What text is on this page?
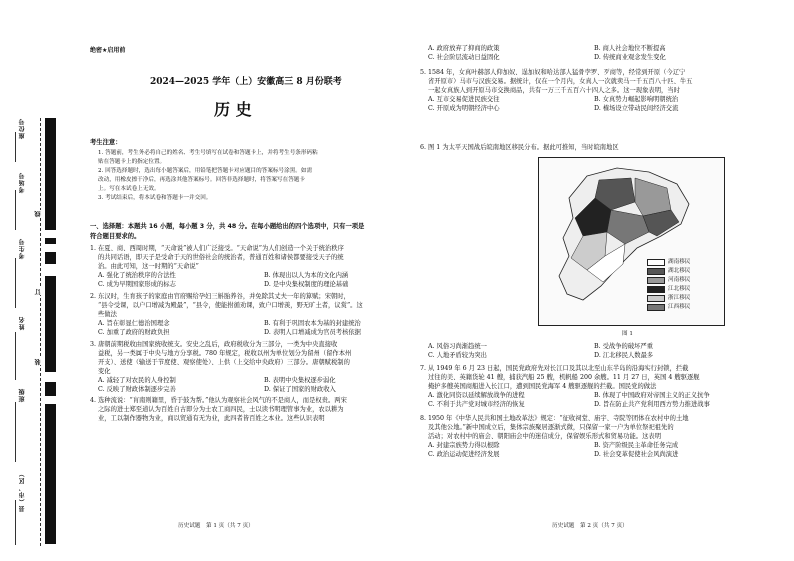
座位号
考场号
考生号
姓名
班级
县（市、区）
线
订
装
绝密★启用前
2024—2025 学年（上）安徽高三 8 月份联考
历 史
考生注意：
1. 答题前，考生务必将自己的姓名、考生号填写在试卷和答题卡上，并将考生号条形码粘
贴在答题卡上的指定位置。
2. 回答选择题时，选出每小题答案后，用铅笔把答题卡对应题目的答案标号涂黑。如需
改动，用橡皮擦干净后，再选涂其他答案标号。回答非选择题时，将答案写在答题卡
上。写在本试卷上无效。
3. 考试结束后，将本试卷和答题卡一并交回。
一、选择题：本题共 16 小题，每小题 3 分，共 48 分。在每小题给出的四个选项中，只有一项是
符合题目要求的。
1. 在夏、商、西周时期，“天命说”被人们广泛接受。“天命说”为人们创造一个关于统治秩序
的共同话语，即天子是受命于天的世俗社会的统治者，普通百姓和诸侯都要接受天子的统
治。由此可知，这一时期的“天命说”
A. 强化了统治秩序的合法性	B. 体现出以人为本的文化内涵
C. 成为早期国家形成的标志	D. 是中央集权制度的理论基础
2. 东汉时，生育孩子的家庭由官府赐给孕妇三斛胎养谷，并免除其丈夫一年的算赋；宋朝时，
“县令受课，以户口增减为殿最”，“县令，使能拊循劝课，致户口增羡，野无旷土者，议赏”。这
些做法
A. 旨在彰显仁德治国理念	B. 有利于巩固农本为基的封建统治
C. 加重了政府的财政负担	D. 表明人口增减成为官员考核依据
3. 唐朝前期税收由国家统收统支。安史之乱后，政府税收分为三部分，一类为中央直接收
益税，另一类属于中央与地方分享税。780 年规定，税收以州为单位划分为留州（留作本州
开支）、送使（输送于节度使、观察使处）、上供（上交给中央政府）三部分。唐朝赋税制的
变化
A. 减轻了对农民的人身控制	B. 表明中央集权逐步弱化
C. 反映了财政体制逐步完善	D. 保证了国家的财政收入
4. 选种流说：“肓南则籍里，昏于鼓为帮。”他认为观察社会风气的不是商人，而是权贵。两宋
之际的进士郑至道认为百姓自古即分为士农工商四民，士以读书明理管事为业，农以耕为
业，工以制作器物为业，商以贸通有无为业，此四者皆百姓之本业。这些认识表明
历史试题　第 1 页（共 7 页）
A. 政府放弃了抑商的政策	B. 商人社会地位不断提高
C. 社会阶层流动日益固化	D. 传统商业观念发生变化
5. 1584 年，女真叶赫部人仰加奴、逞加奴和哈达部人猛骨孛罗、歹商等，经常到开原（今辽宁
省开原市）马市与汉族交易。据统计，仅在一个月内，女真人一次就卖马一千五百八十匹、牛五
一起女真族人到开原马市交换商品，共有一万三千五百六十四人之多。这一现象表明，当时
A. 互市交易促进民族交往	B. 女真势力崛起影响明朝统治
C. 开原成为明朝经济中心	D. 榷场设立带动民间经济交流
6. 图 1 为太平天国战后皖南地区移民分布。据此可推知，当时皖南地区
湖南移民
湖北移民
河南移民
江北移民
浙江移民
江西移民
图 1
A. 风俗习尚渐趋统一	B. 受战争的破坏严重
C. 人地矛盾较为突出	D. 江北移民人数最多
7. 从 1949 年 6 月 23 日起，国民党政府先对长江口及其以北至山东半岛的沿海实行封锁，拦截
过往的美、英籍货轮 41 艘，捕获汽船 25 艘，机帆船 200 余艘。11 月 27 日，英国 4 艘驱逐舰
掩护多艘英国商船进入长江口，遭到国民党海军 4 艘驱逐舰的拦截。国民党的做法
A. 激化同资以延续解放战争的进程	B. 体现了中国政府对帝国主义的正义抗争
C. 不利于共产党对城市经济的恢复	D. 旨在防止共产党利用西方势力推进战事
8. 1950 年《中华人民共和国土地改革法》规定：“征收祠堂、庙宇、寺院等团体在农村中的土地
及其他公地。”新中国成立后，集体宗族聚居逐渐式微，只保留一家一户为单位祭祀祖先的
活动；对农村中的庙会、朝阳庙会中的迷信成分，保留娱乐形式和贸易功能。这表明
A. 封建宗族势力得以根除	B. 资产阶级民主革命任务完成
C. 政治运动促进经济发展	D. 社会变革促使社会风尚演进
历史试题　第 2 页（共 7 页）
